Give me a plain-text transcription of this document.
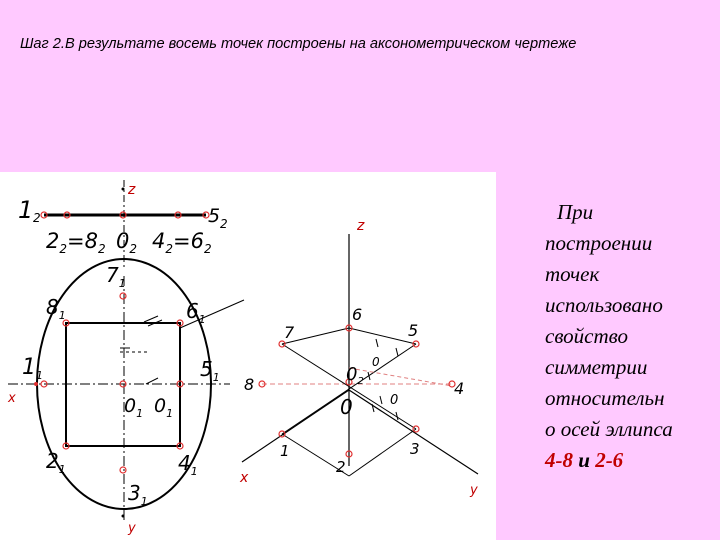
Шаг 2.В результате восемь точек построены на аксонометрическом чертеже
z
x
y
1 2	5 2
$2_2=8_2$ $0_2$ $4_2=6_2$
$7_1$
$8_1$	$6_1$
$1_1$	$5_1$
$0_1$ $0_1$
$2_1$	$4_1$
$3_1$
z
x
y
6
7	5
8	4
$0_2$
0	0
0
1	3
2
При
построении
точек
использовано
свойство
симметрии
относительн
о осей эллипса
4-8 и 2-6
